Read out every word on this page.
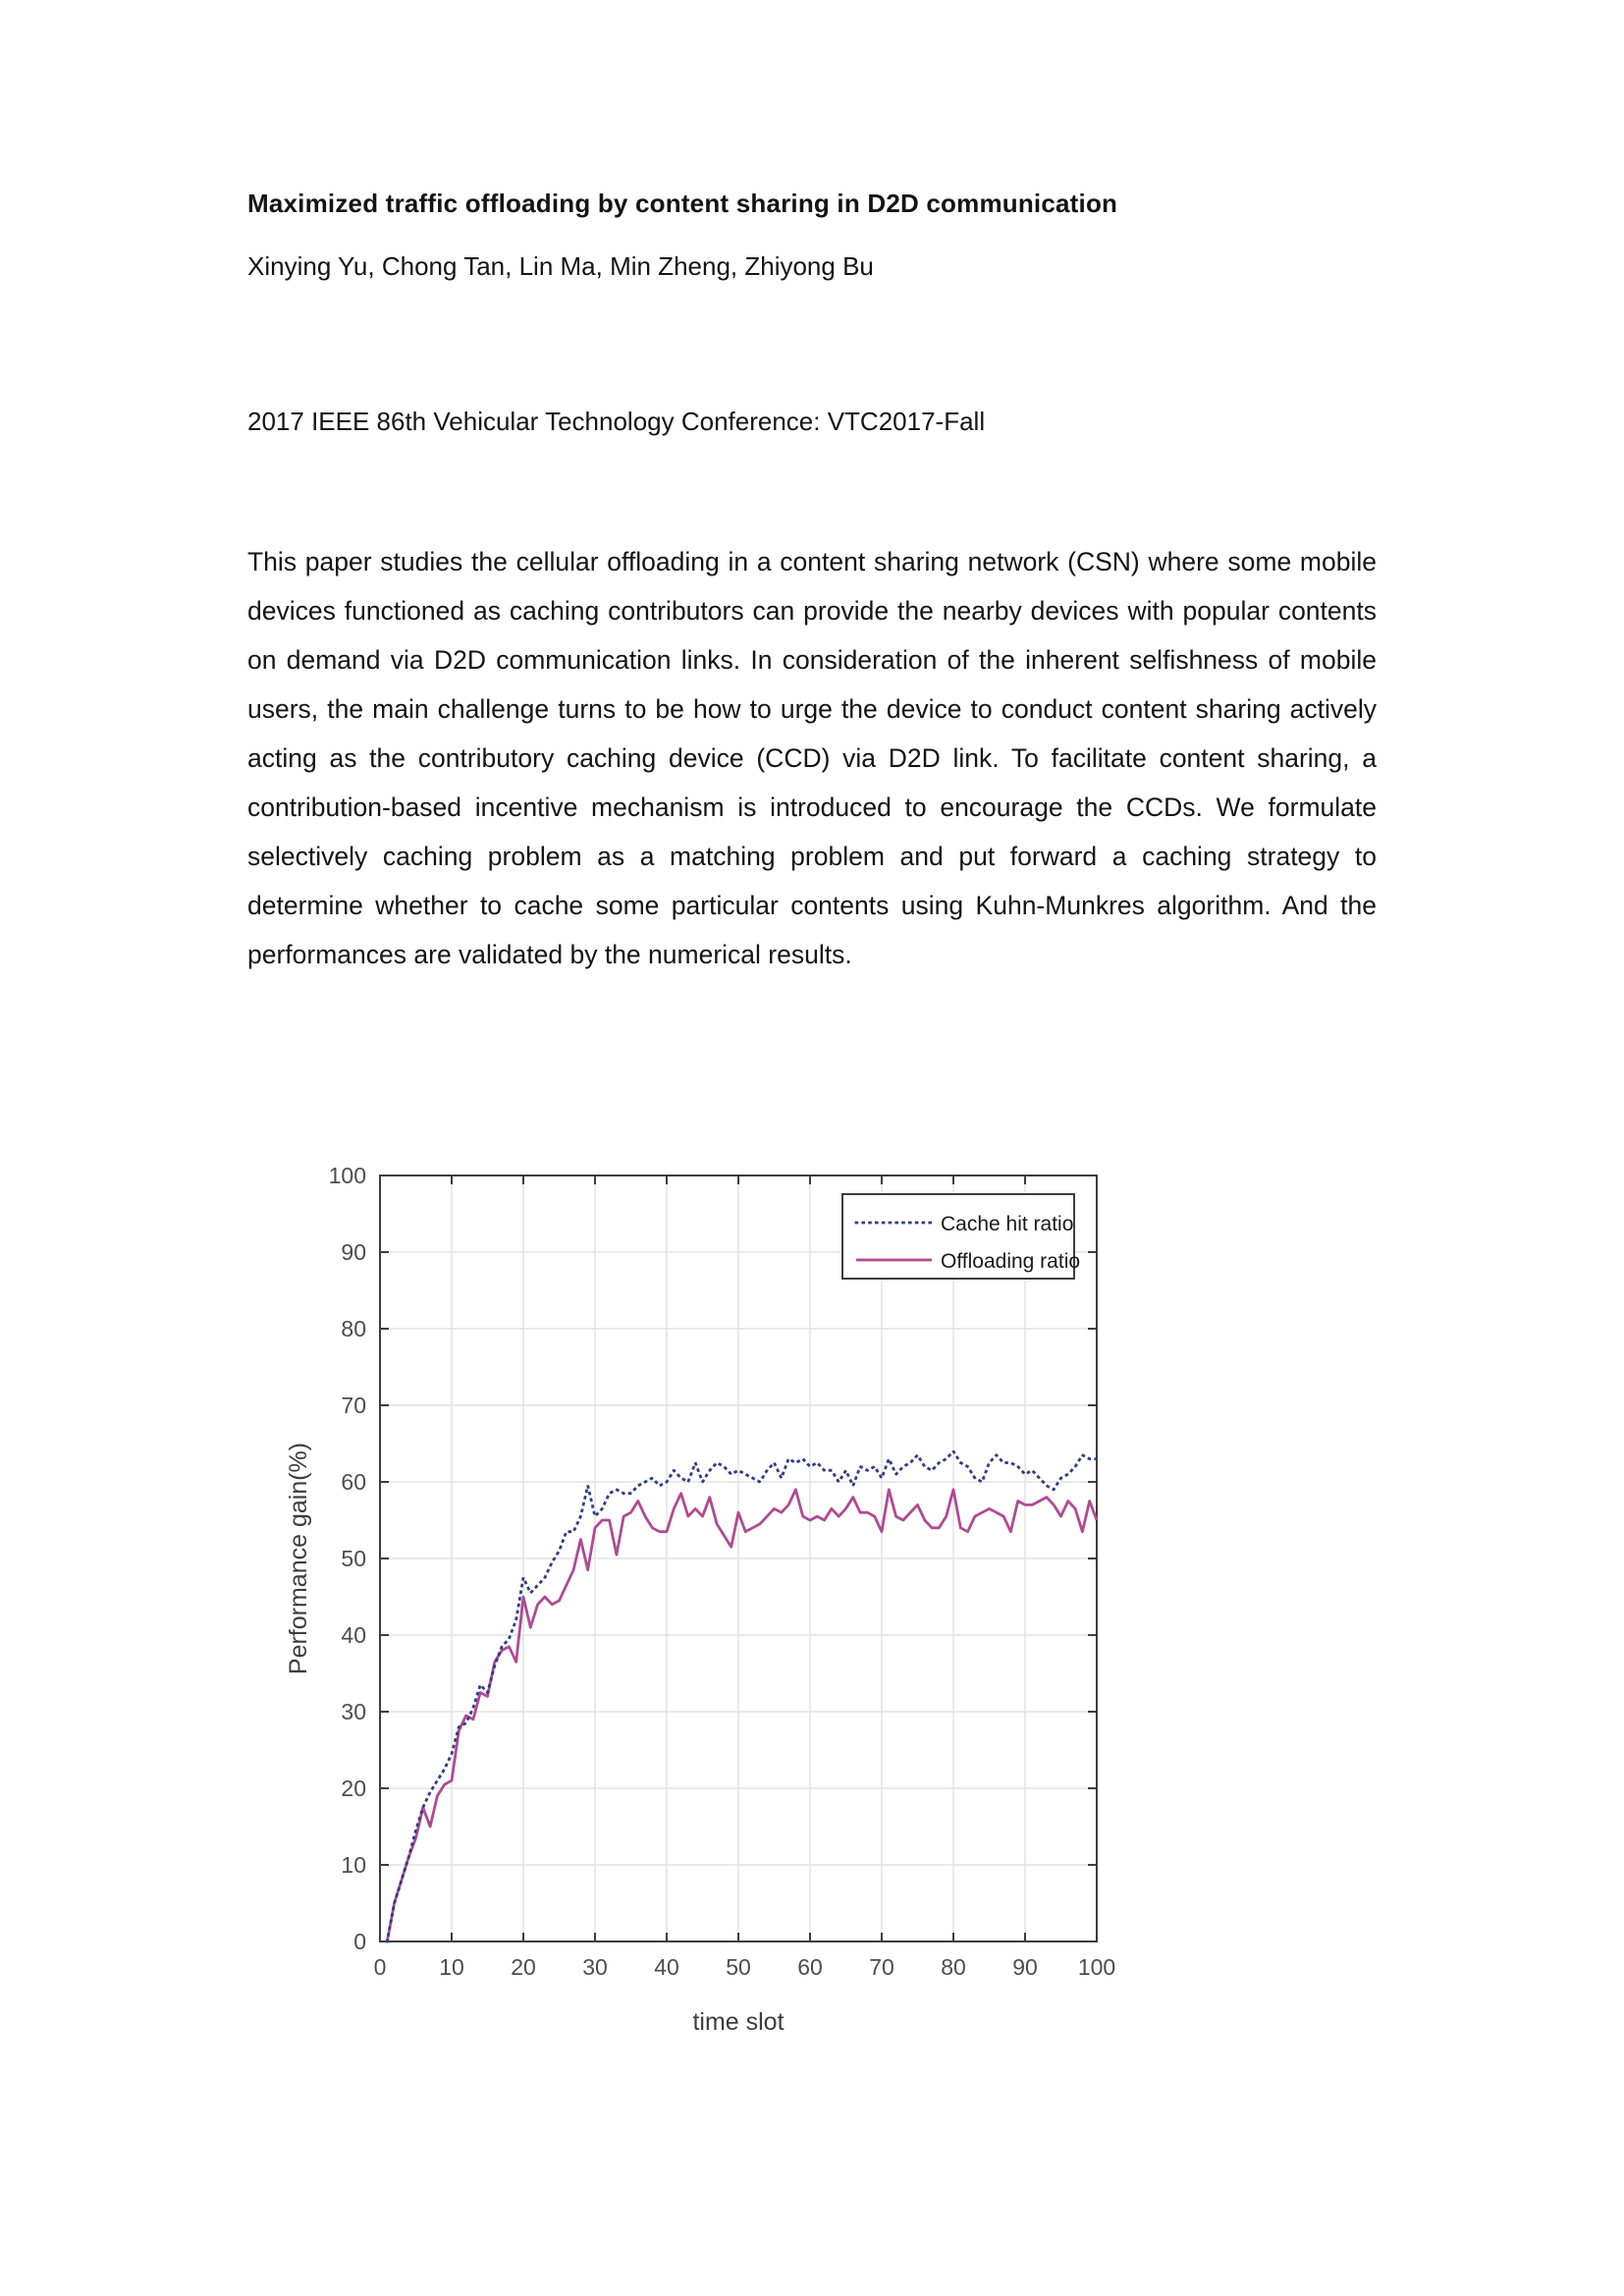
Maximized traffic offloading by content sharing in D2D communication

Xinying Yu, Chong Tan, Lin Ma, Min Zheng, Zhiyong Bu

2017 IEEE 86th Vehicular Technology Conference: VTC2017-Fall

This paper studies the cellular offloading in a content sharing network (CSN) where some mobile devices functioned as caching contributors can provide the nearby devices with popular contents on demand via D2D communication links. In consideration of the inherent selfishness of mobile users, the main challenge turns to be how to urge the device to conduct content sharing actively acting as the contributory caching device (CCD) via D2D link. To facilitate content sharing, a contribution-based incentive mechanism is introduced to encourage the CCDs. We formulate selectively caching problem as a matching problem and put forward a caching strategy to determine whether to cache some particular contents using Kuhn-Munkres algorithm. And the performances are validated by the numerical results.

0 10 20 30 40 50 60 70 80 90 100
0
10
20
30
40
50
60
70
80
90
100
time slot
Performance gain(%)
Cache hit ratio
Offloading ratio
